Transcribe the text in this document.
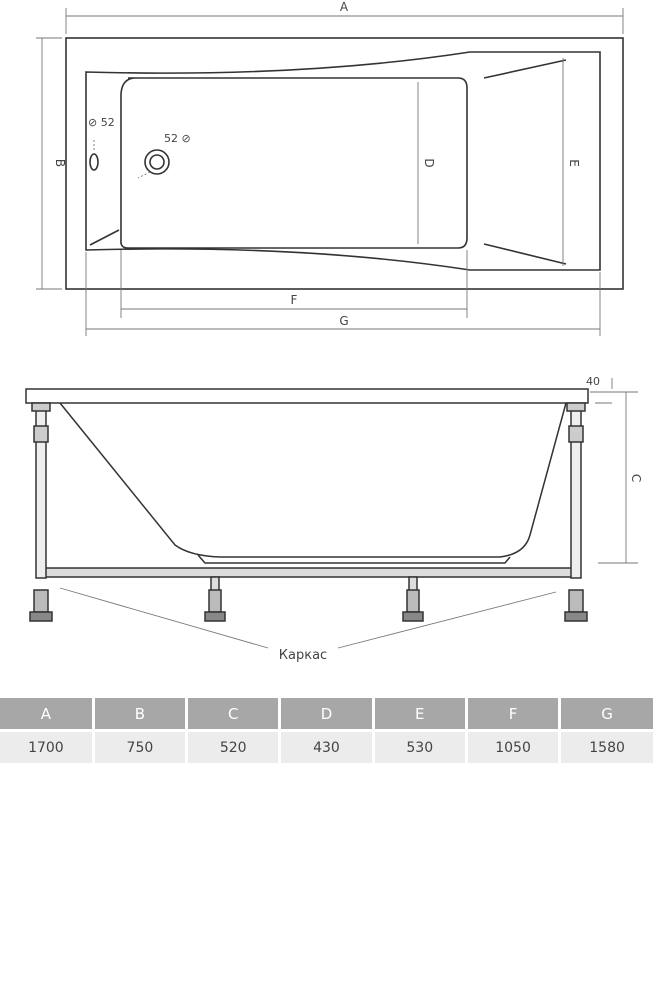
A
B	D	E
F
G
⊘ 52
52 ⊘
40
C
Каркас
A	B	C	D	E	F	G
1700	750	520	430	530	1050	1580
